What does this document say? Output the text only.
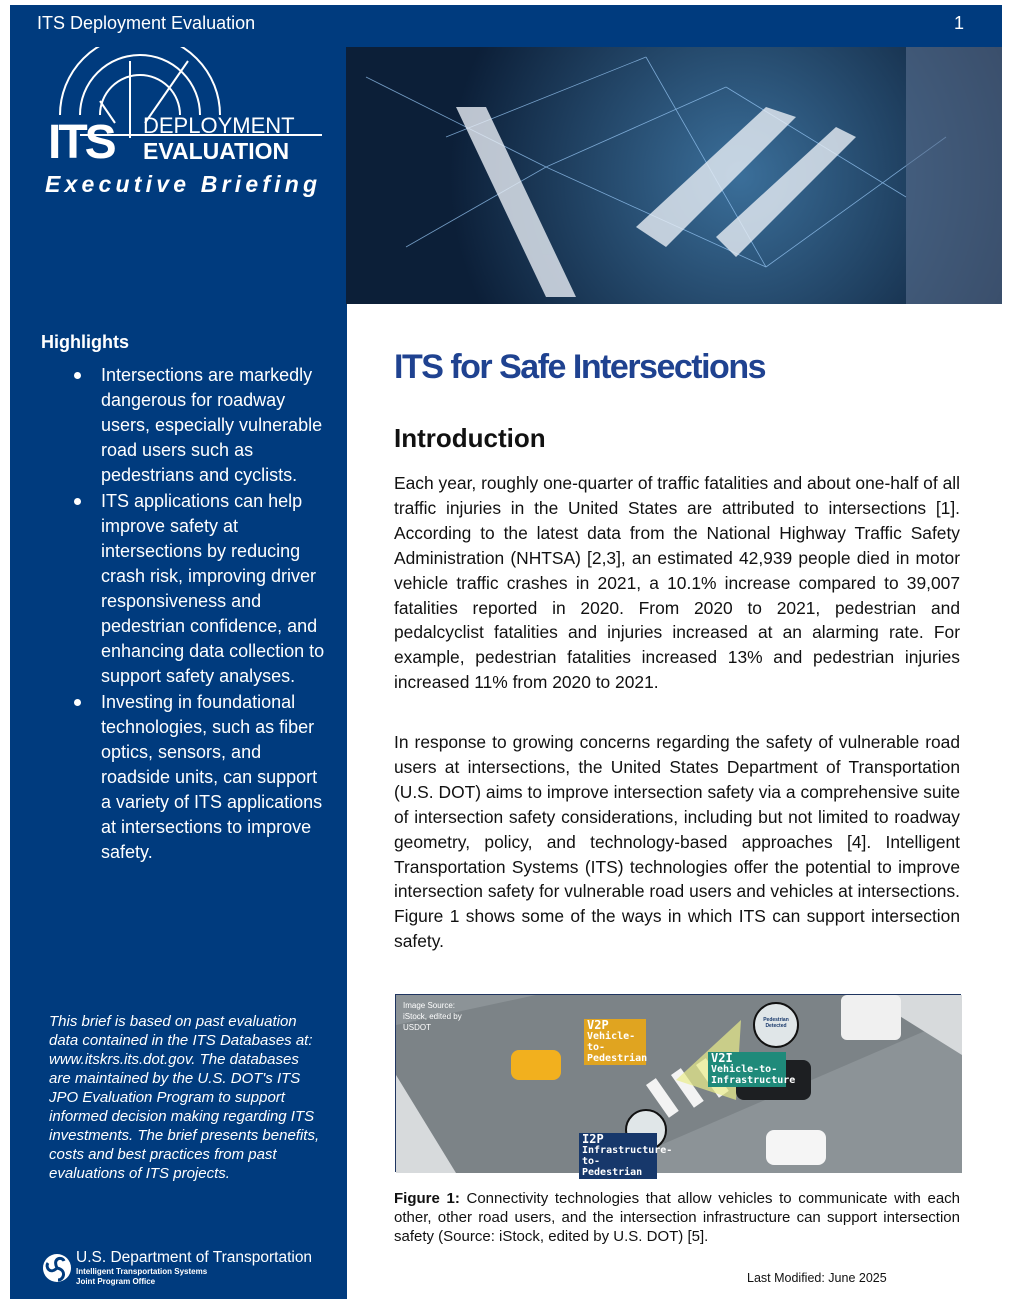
ITS DEPLOYMENT
EVALUATION
Executive Briefing
Highlights
Intersections are markedly dangerous for roadway users, especially vulnerable road users such as pedestrians and cyclists.
ITS applications can help improve safety at intersections by reducing crash risk, improving driver responsiveness and pedestrian confidence, and enhancing data collection to support safety analyses.
Investing in foundational technologies, such as fiber optics, sensors, and roadside units, can support a variety of ITS applications at intersections to improve safety.
This brief is based on past evaluation data contained in the ITS Databases at: www.itskrs.its.dot.gov. The databases are maintained by the U.S. DOT's ITS JPO Evaluation Program to support informed decision making regarding ITS investments. The brief presents benefits, costs and best practices from past evaluations of ITS projects.
U.S. Department of Transportation
Intelligent Transportation Systems
Joint Program Office
ITS Deployment Evaluation	1
ITS for Safe Intersections
Introduction

Each year, roughly one-quarter of traffic fatalities and about one-half of all traffic injuries in the United States are attributed to intersections [1]. According to the latest data from the National Highway Traffic Safety Administration (NHTSA) [2,3], an estimated 42,939 people died in motor vehicle traffic crashes in 2021, a 10.1% increase compared to 39,007 fatalities reported in 2020. From 2020 to 2021, pedestrian and pedalcyclist fatalities and injuries increased at an alarming rate. For example, pedestrian fatalities increased 13% and pedestrian injuries increased 11% from 2020 to 2021.

In response to growing concerns regarding the safety of vulnerable road users at intersections, the United States Department of Transportation (U.S. DOT) aims to improve intersection safety via a comprehensive suite of intersection safety considerations, including but not limited to roadway geometry, policy, and technology-based approaches [4]. Intelligent Transportation Systems (ITS) technologies offer the potential to improve intersection safety for vulnerable road users and vehicles at intersections. Figure 1 shows some of the ways in which ITS can support intersection safety.

Image Source: iStock, edited by USDOT	V2P
Vehicle-to-Pedestrian	V2I
Vehicle-to-Infrastructure
I2P
Infrastructure-to-Pedestrian
Pedestrian Detected
Figure 1: Connectivity technologies that allow vehicles to communicate with each other, other road users, and the intersection infrastructure can support intersection safety (Source: iStock, edited by U.S. DOT) [5].
Last Modified: June 2025
